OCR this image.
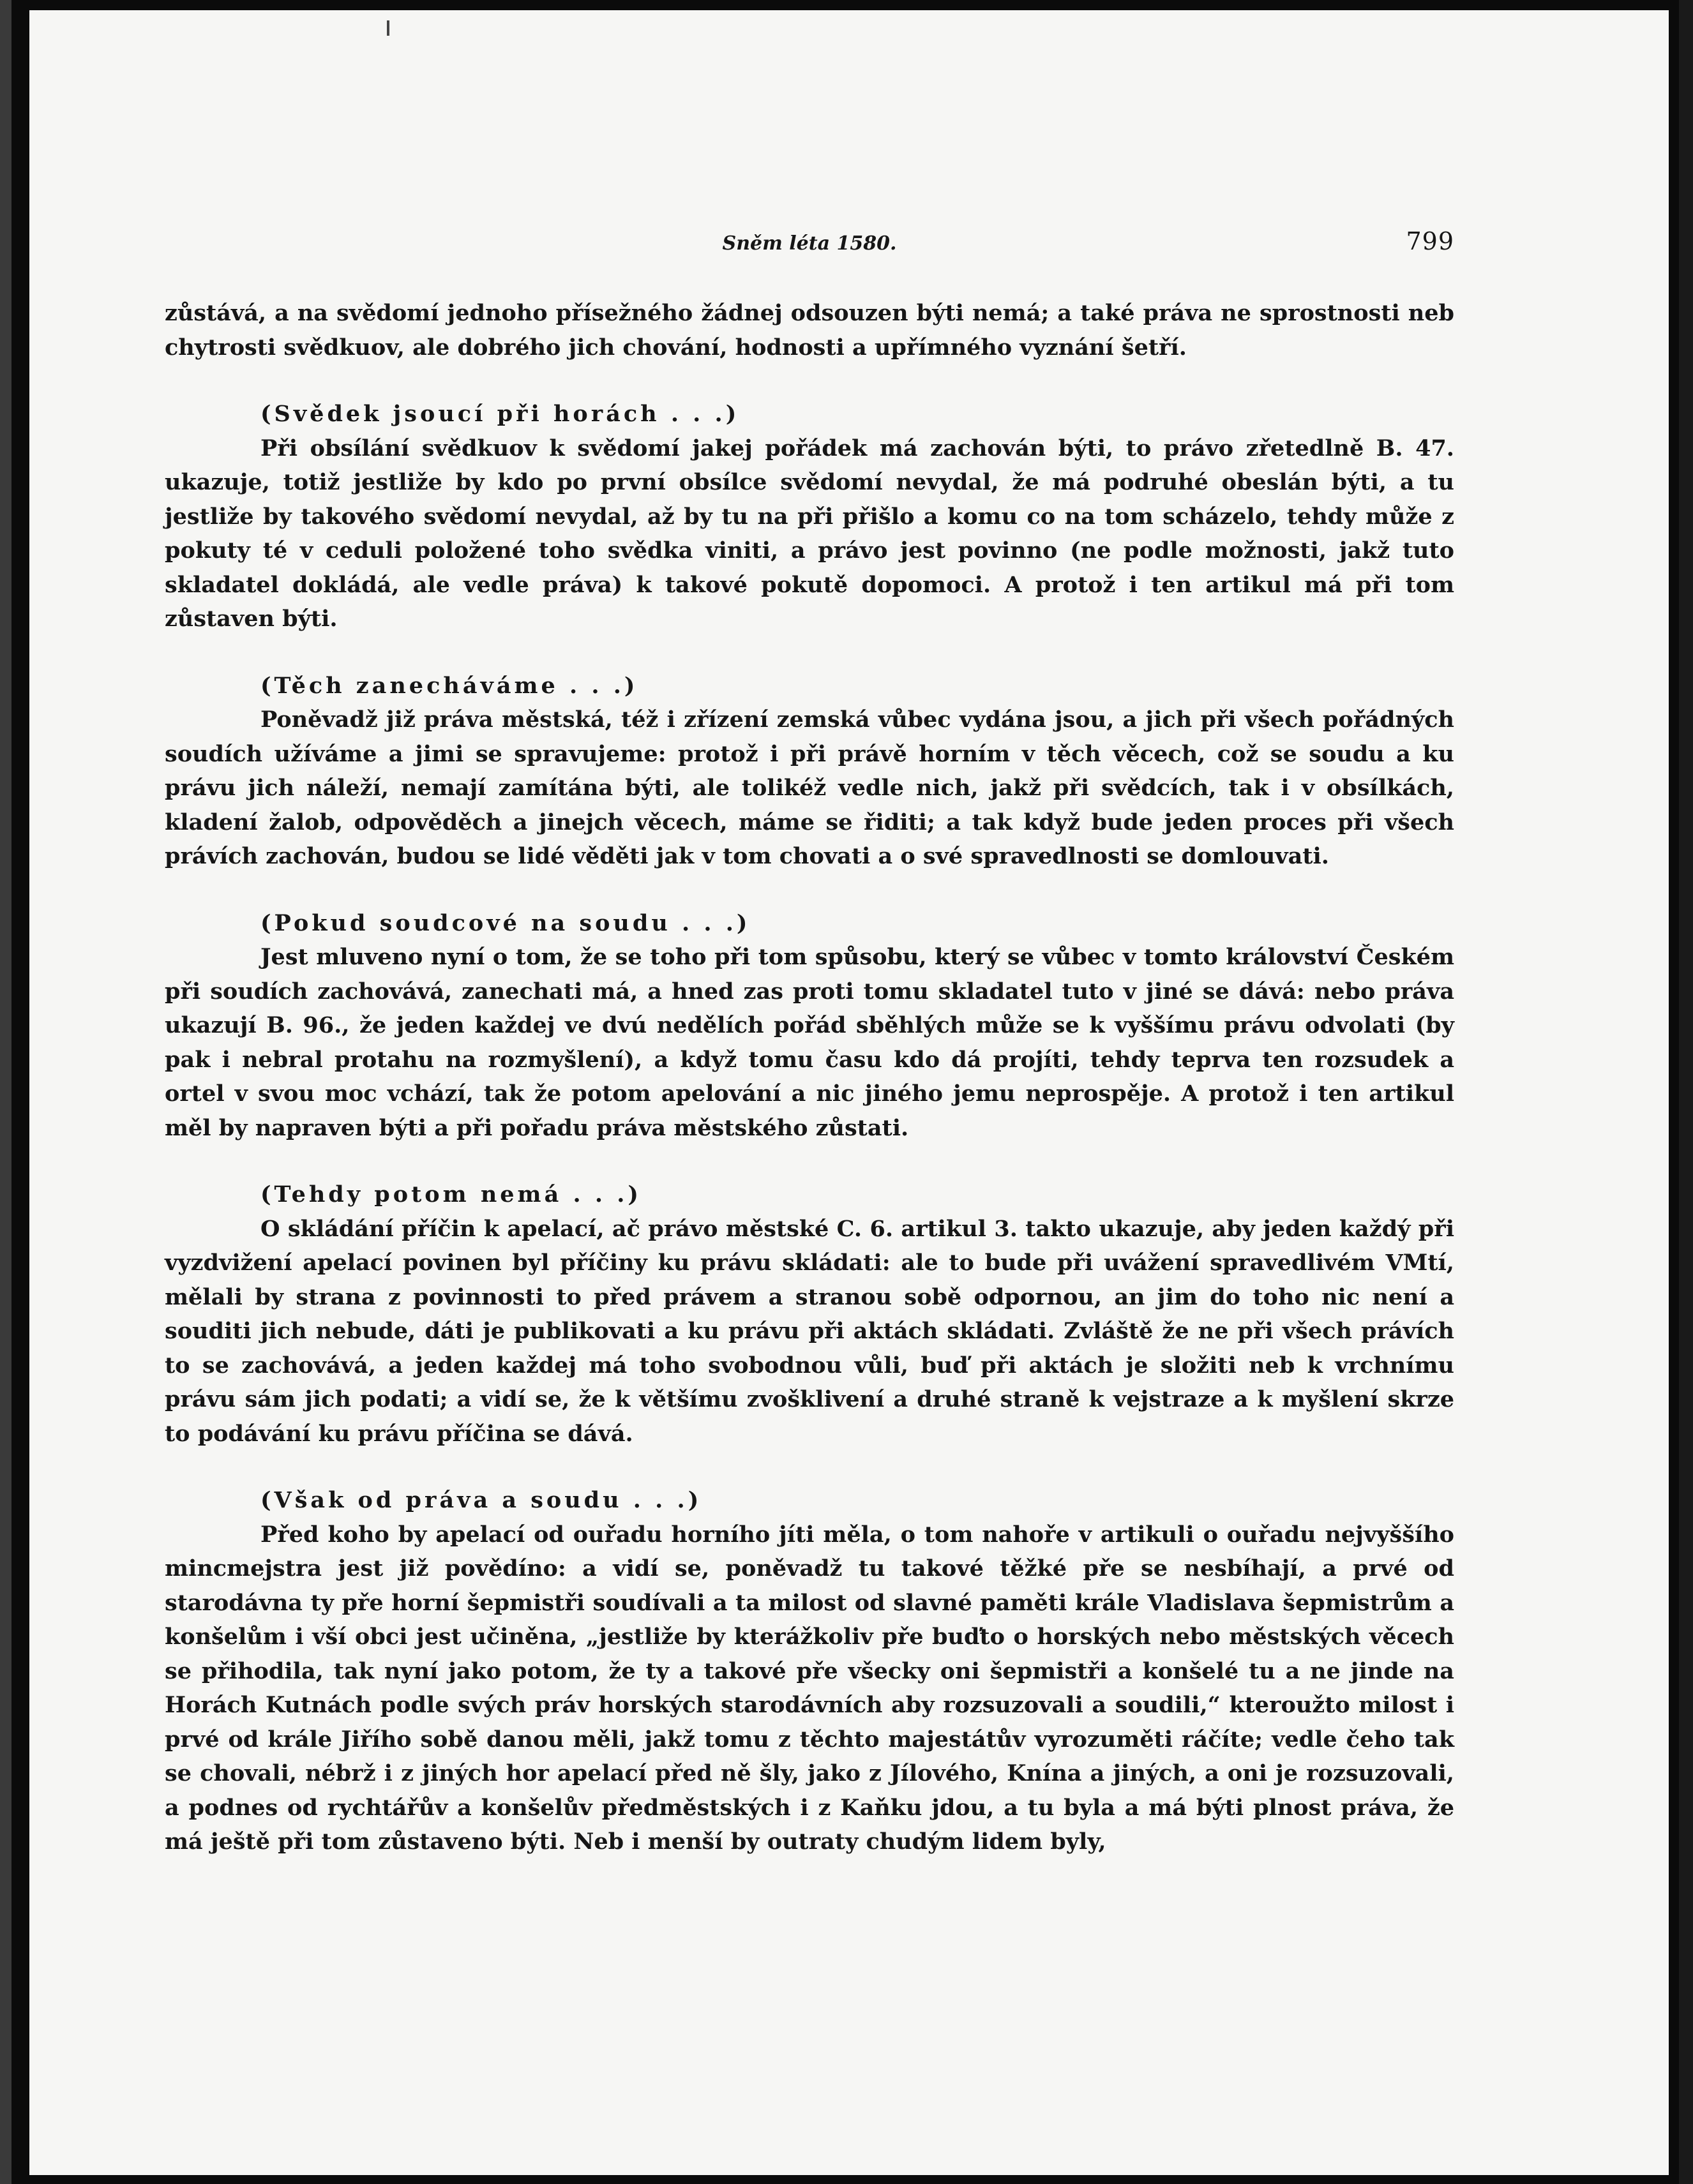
Sněm léta 1580.	799

zůstává, a na svědomí jednoho přísežného žádnej odsouzen býti nemá; a také práva ne sprostnosti neb chytrosti svědkuov, ale dobrého jich chování, hodnosti a upřímného vyznání šetří.

(Svědek jsoucí při horách . . .)

Při obsílání svědkuov k svědomí jakej pořádek má zachován býti, to právo zřetedlně B. 47. ukazuje, totiž jestliže by kdo po první obsílce svědomí nevydal, že má podruhé obeslán býti, a tu jestliže by takového svědomí nevydal, až by tu na při přišlo a komu co na tom scházelo, tehdy může z pokuty té v ceduli položené toho svědka viniti, a právo jest povinno (ne podle možnosti, jakž tuto skladatel dokládá, ale vedle práva) k takové pokutě dopomoci. A protož i ten artikul má při tom zůstaven býti.

(Těch zanecháváme . . .)

Poněvadž již práva městská, též i zřízení zemská vůbec vydána jsou, a jich při všech pořádných soudích užíváme a jimi se spravujeme: protož i při právě horním v těch věcech, což se soudu a ku právu jich náleží, nemají zamítána býti, ale tolikéž vedle nich, jakž při svědcích, tak i v obsílkách, kladení žalob, odpověděch a jinejch věcech, máme se řiditi; a tak když bude jeden proces při všech právích zachován, budou se lidé věděti jak v tom chovati a o své spravedlnosti se domlouvati.

(Pokud soudcové na soudu . . .)

Jest mluveno nyní o tom, že se toho při tom spůsobu, který se vůbec v tomto království Českém při soudích zachovává, zanechati má, a hned zas proti tomu skladatel tuto v jiné se dává: nebo práva ukazují B. 96., že jeden každej ve dvú nedělích pořád sběhlých může se k vyššímu právu odvolati (by pak i nebral protahu na rozmyšlení), a když tomu času kdo dá projíti, tehdy teprva ten rozsudek a ortel v svou moc vchází, tak že potom apelování a nic jiného jemu neprospěje. A protož i ten artikul měl by napraven býti a při pořadu práva městského zůstati.

(Tehdy potom nemá . . .)

O skládání příčin k apelací, ač právo městské C. 6. artikul 3. takto ukazuje, aby jeden každý při vyzdvižení apelací povinen byl příčiny ku právu skládati: ale to bude při uvážení spravedlivém VMtí, mělali by strana z povinnosti to před právem a stranou sobě odpornou, an jim do toho nic není a souditi jich nebude, dáti je publikovati a ku právu při aktách skládati. Zvláště že ne při všech právích to se zachovává, a jeden každej má toho svobodnou vůli, buď při aktách je složiti neb k vrchnímu právu sám jich podati; a vidí se, že k většímu zvošklivení a druhé straně k vejstraze a k myšlení skrze to podávání ku právu příčina se dává.

(Však od práva a soudu . . .)

Před koho by apelací od ouřadu horního jíti měla, o tom nahoře v artikuli o ouřadu nejvyššího mincmejstra jest již povědíno: a vidí se, poněvadž tu takové těžké pře se nesbíhají, a prvé od starodávna ty pře horní šepmistři soudívali a ta milost od slavné paměti krále Vladislava šepmistrům a konšelům i vší obci jest učiněna, „jestliže by kterážkoliv pře buďto o horských nebo městských věcech se přihodila, tak nyní jako potom, že ty a takové pře všecky oni šepmistři a konšelé tu a ne jinde na Horách Kutnách podle svých práv horských starodávních aby rozsuzovali a soudili,“ kteroužto milost i prvé od krále Jiřího sobě danou měli, jakž tomu z těchto majestátův vyrozuměti ráčíte; vedle čeho tak se chovali, nébrž i z jiných hor apelací před ně šly, jako z Jílového, Knína a jiných, a oni je rozsuzovali, a podnes od rychtářův a konšelův předměstských i z Kaňku jdou, a tu byla a má býti plnost práva, že má ještě při tom zůstaveno býti. Neb i menší by outraty chudým lidem byly,
